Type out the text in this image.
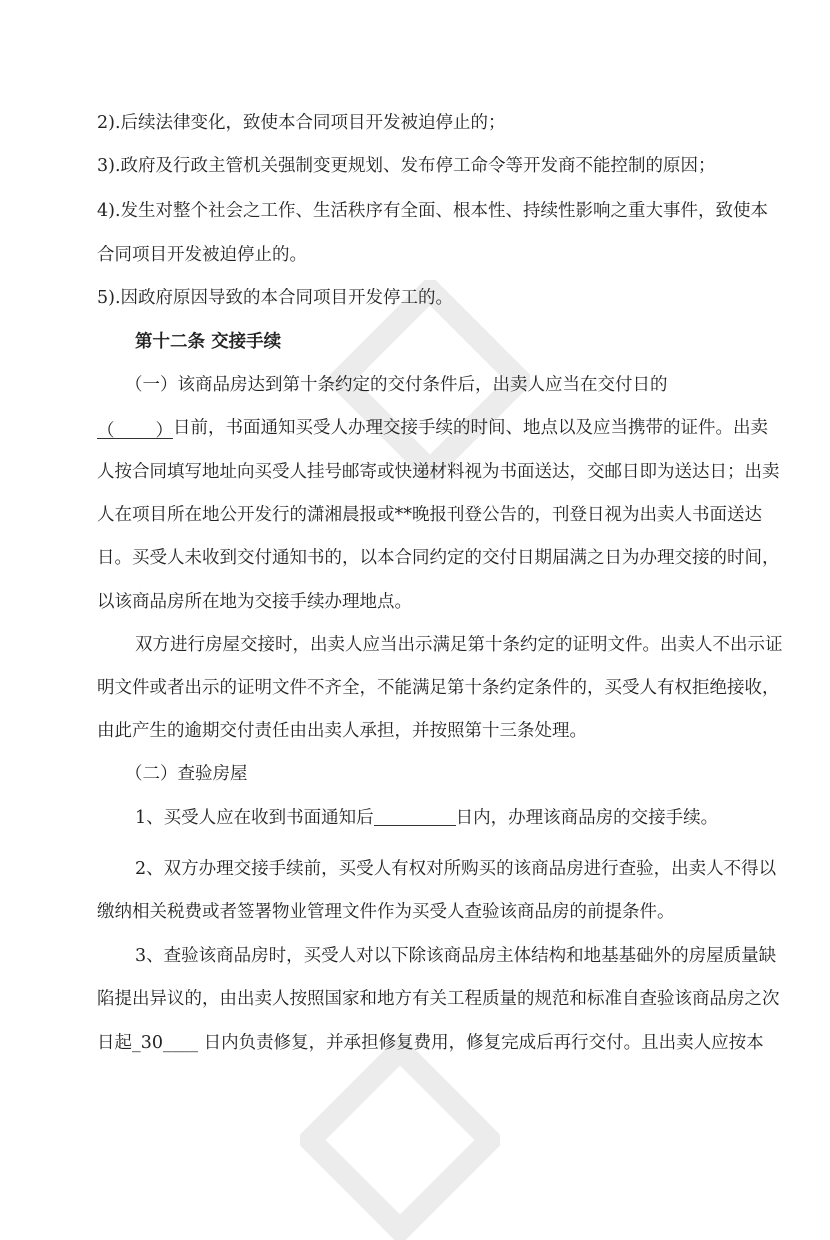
2).后续法律变化，致使本合同项目开发被迫停止的；
3).政府及行政主管机关强制变更规划、发布停工命令等开发商不能控制的原因；
4).发生对整个社会之工作、生活秩序有全面、根本性、持续性影响之重大事件，致使本
合同项目开发被迫停止的。
5).因政府原因导致的本合同项目开发停工的。
第十二条 交接手续
（一）该商品房达到第十条约定的交付条件后，出卖人应当在交付日的
（ ）日前，书面通知买受人办理交接手续的时间、地点以及应当携带的证件。出卖
人按合同填写地址向买受人挂号邮寄或快递材料视为书面送达，交邮日即为送达日；出卖
人在项目所在地公开发行的潇湘晨报或**晚报刊登公告的，刊登日视为出卖人书面送达
日。买受人未收到交付通知书的，以本合同约定的交付日期届满之日为办理交接的时间，
以该商品房所在地为交接手续办理地点。
双方进行房屋交接时，出卖人应当出示满足第十条约定的证明文件。出卖人不出示证
明文件或者出示的证明文件不齐全，不能满足第十条约定条件的，买受人有权拒绝接收，
由此产生的逾期交付责任由出卖人承担，并按照第十三条处理。
（二）查验房屋
1、买受人应在收到书面通知后	日内，办理该商品房的交接手续。
2、双方办理交接手续前，买受人有权对所购买的该商品房进行查验，出卖人不得以
缴纳相关税费或者签署物业管理文件作为买受人查验该商品房的前提条件。
3、查验该商品房时，买受人对以下除该商品房主体结构和地基基础外的房屋质量缺
陷提出异议的，由出卖人按照国家和地方有关工程质量的规范和标准自查验该商品房之次
日起_30____ 日内负责修复，并承担修复费用，修复完成后再行交付。且出卖人应按本
